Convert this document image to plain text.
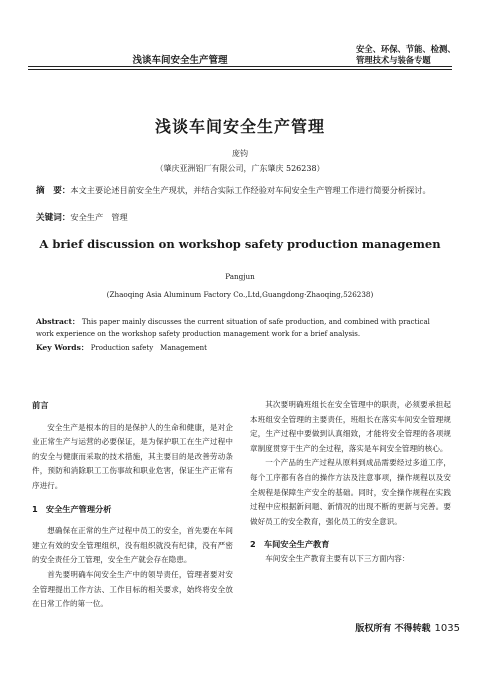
浅谈车间安全生产管理
安全、环保、节能、检测、
管理技术与装备专题
浅谈车间安全生产管理
庞钧
（肇庆亚洲铝厂有限公司，广东肇庆 526238）
摘　要：本文主要论述目前安全生产现状，并结合实际工作经验对车间安全生产管理工作进行简要分析探讨。
关键词：安全生产　管理
A brief discussion on workshop safety production managemen
Pangjun
(Zhaoqing Asia Aluminum Factory Co.,Ltd,Guangdong·Zhaoqing,526238)
Abstract： This paper mainly discusses the current situation of safe production, and combined with practical work experience on the workshop safety production management work for a brief analysis.
Key Words： Production safety　Management

前言

安全生产是根本的目的是保护人的生命和健康，是对企业正常生产与运营的必要保证，是为保护职工在生产过程中的安全与健康而采取的技术措施，其主要目的是改善劳动条件，预防和消除职工工伤事故和职业危害，保证生产正常有序进行。

1　安全生产管理分析

想确保在正常的生产过程中员工的安全，首先要在车间建立有效的安全管理组织，没有组织就没有纪律，没有严密的安全责任分工管理，安全生产就会存在隐患。

首先要明确车间安全生产中的领导责任，管理者要对安全管理提出工作方法、工作目标的相关要求，始终将安全放在日常工作的第一位。

其次要明确班组长在安全管理中的职责，必须要承担起本班组安全管理的主要责任，班组长在落实车间安全管理规定，生产过程中要做到认真细致，才能将安全管理的各项规章制度贯穿于生产的全过程，落实是车间安全管理的核心。

一个产品的生产过程从原料到成品需要经过多道工序，每个工序都有各自的操作方法及注意事项，操作规程以及安全规程是保障生产安全的基础。同时，安全操作规程在实践过程中应根据新问题、新情况的出现不断的更新与完善。要做好员工的安全教育，强化员工的安全意识。

2　车间安全生产教育

车间安全生产教育主要有以下三方面内容：

版权所有 不得转载 1035
